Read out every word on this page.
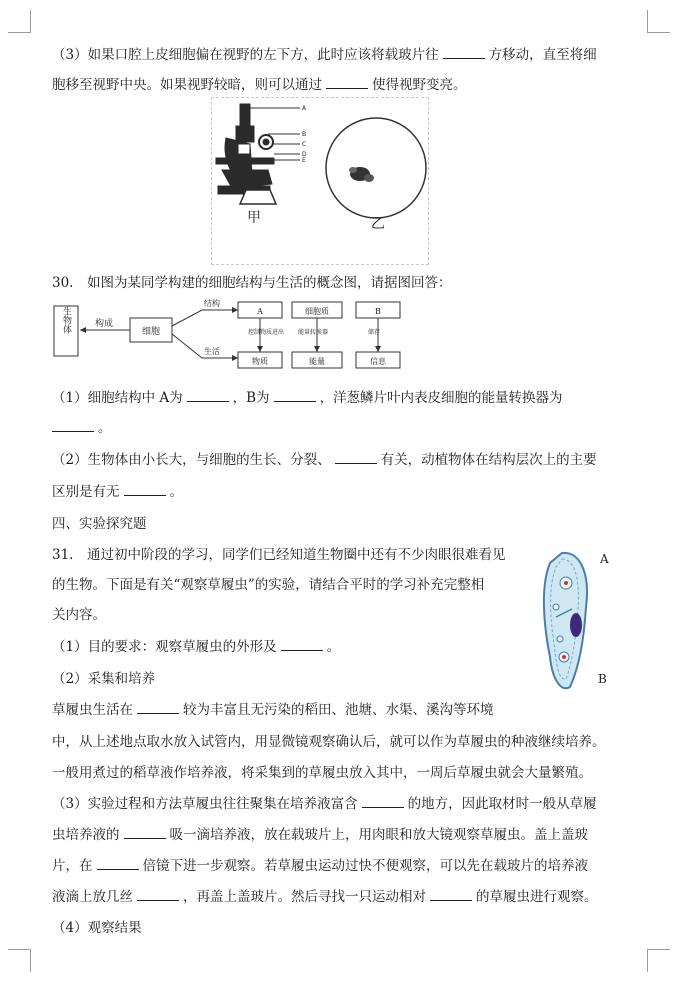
（3）如果口腔上皮细胞偏在视野的左下方，此时应该将载玻片往	方移动，直至将细
胞移至视野中央。如果视野较暗，则可以通过	使得视野变亮。
A
B
C
D
E
甲	乙
30.　如图为某同学构建的细胞结构与生活的概念图，请据图回答：
生物体	构成
细胞
结构
生活
A	细胞质	B
控制物质进出 能量转换器	储存
物质	能量	信息
（1）细胞结构中 A为	，B为	，洋葱鳞片叶内表皮细胞的能量转换器为
。
（2）生物体由小长大，与细胞的生长、分裂、	有关，动植物体在结构层次上的主要
区别是有无	。
四、实验探究题
31.　通过初中阶段的学习，同学们已经知道生物圈中还有不少肉眼很难看见
的生物。下面是有关“观察草履虫”的实验，请结合平时的学习补充完整相
关内容。
（1）目的要求：观察草履虫的外形及	。
（2）采集和培养
草履虫生活在	较为丰富且无污染的稻田、池塘、水渠、溪沟等环境
中，从上述地点取水放入试管内，用显微镜观察确认后，就可以作为草履虫的种液继续培养。
一般用煮过的稻草液作培养液，将采集到的草履虫放入其中，一周后草履虫就会大量繁殖。
（3）实验过程和方法草履虫往往聚集在培养液富含	的地方，因此取材时一般从草履
虫培养液的	吸一滴培养液，放在载玻片上，用肉眼和放大镜观察草履虫。盖上盖玻
片，在	倍镜下进一步观察。若草履虫运动过快不便观察，可以先在载玻片的培养液
液滴上放几丝	，再盖上盖玻片。然后寻找一只运动相对	的草履虫进行观察。
（4）观察结果
A
B
